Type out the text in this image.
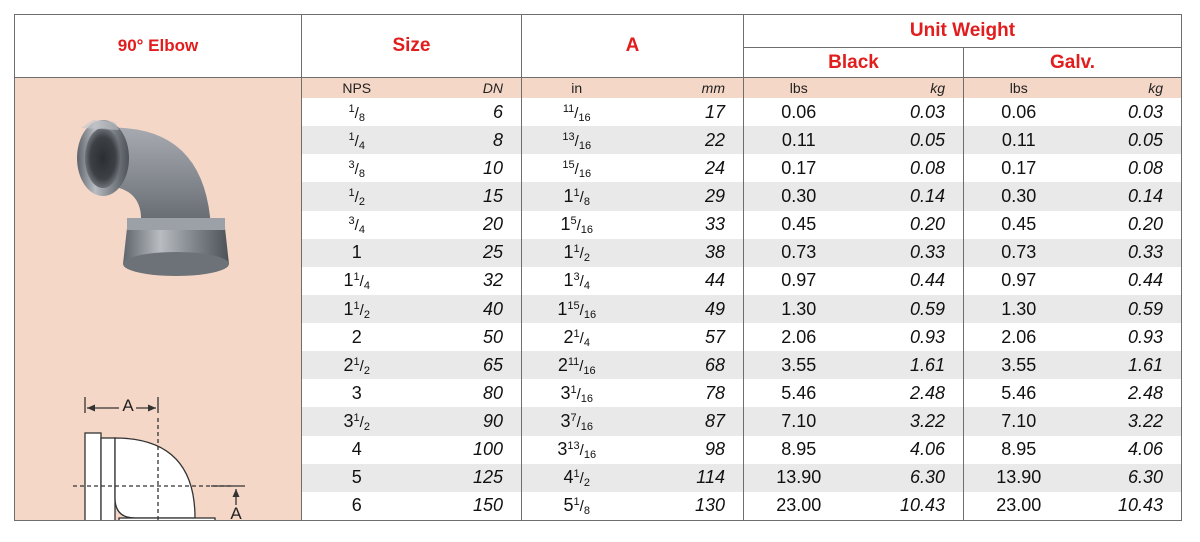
90° Elbow	Size		A		Unit Weight			
					Black		Galv.	

A
A	NPS	DN	in	mm	lbs	kg	lbs	kg
	$^1/_8$	6	$^{11}/_{16}$	17	0.06	0.03	0.06	0.03
	$^1/_4$	8	$^{13}/_{16}$	22	0.11	0.05	0.11	0.05
	$^3/_8$	10	$^{15}/_{16}$	24	0.17	0.08	0.17	0.08
	$^1/_2$	15	$1^1/_8$	29	0.30	0.14	0.30	0.14
	$^3/_4$	20	$1^5/_{16}$	33	0.45	0.20	0.45	0.20
	1	25	$1^1/_2$	38	0.73	0.33	0.73	0.33
	$1^1/_4$	32	$1^3/_4$	44	0.97	0.44	0.97	0.44
	$1^1/_2$	40	$1^{15}/_{16}$	49	1.30	0.59	1.30	0.59
	2	50	$2^1/_4$	57	2.06	0.93	2.06	0.93
	$2^1/_2$	65	$2^{11}/_{16}$	68	3.55	1.61	3.55	1.61
	3	80	$3^1/_{16}$	78	5.46	2.48	5.46	2.48
	$3^1/_2$	90	$3^7/_{16}$	87	7.10	3.22	7.10	3.22
	4	100	$3^{13}/_{16}$	98	8.95	4.06	8.95	4.06
	5	125	$4^1/_2$	114	13.90	6.30	13.90	6.30
	6	150	$5^1/_8$	130	23.00	10.43	23.00	10.43
